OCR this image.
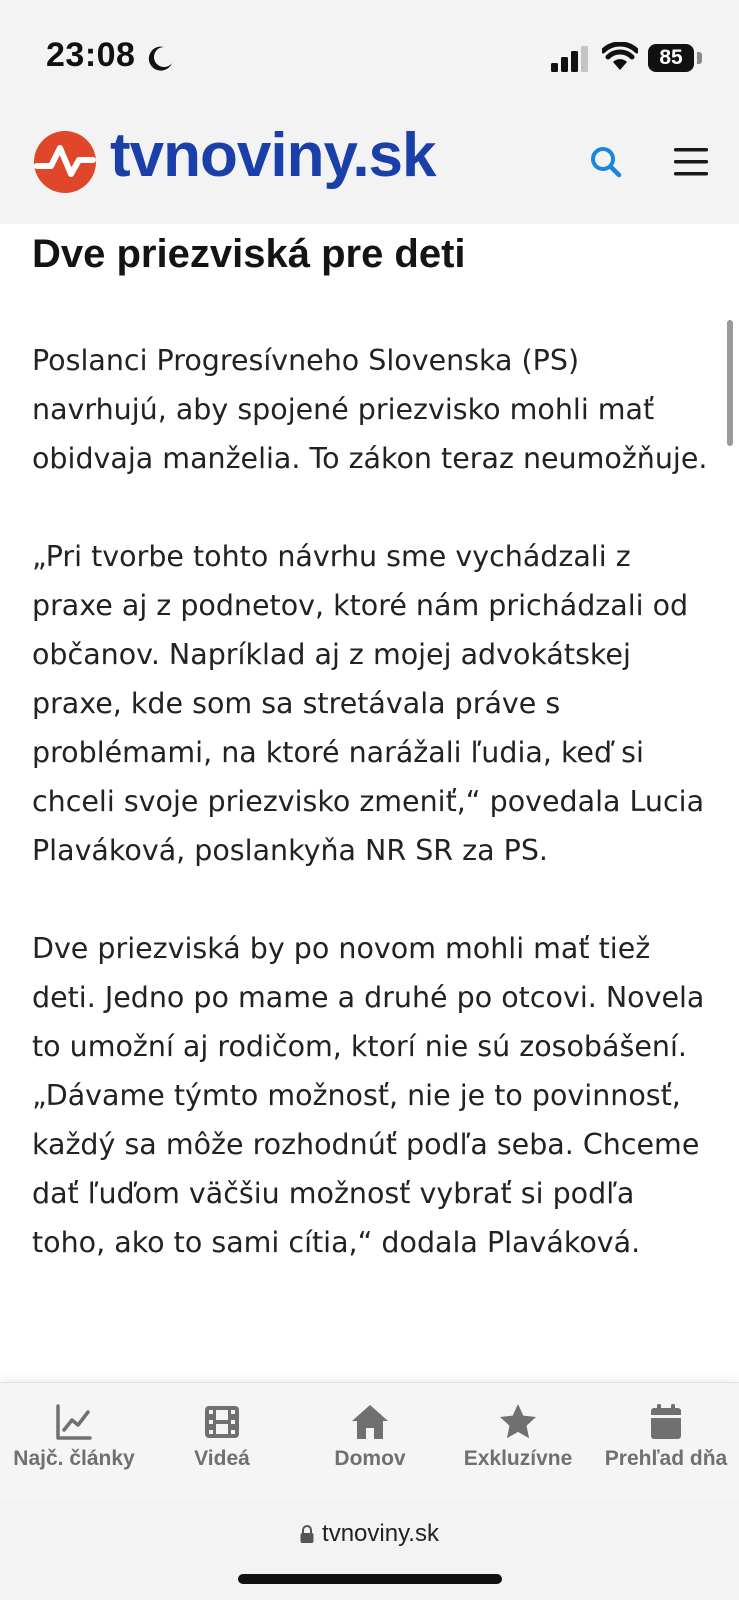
23:08	85
tvnoviny.sk
Dve priezviská pre deti

Poslanci Progresívneho Slovenska (PS) navrhujú, aby spojené priezvisko mohli mať obidvaja manželia. To zákon teraz neumožňuje.

„Pri tvorbe tohto návrhu sme vychádzali z praxe aj z podnetov, ktoré nám prichádzali od občanov. Napríklad aj z mojej advokátskej praxe, kde som sa stretávala práve s problémami, na ktoré narážali ľudia, keď si chceli svoje priezvisko zmeniť,“ povedala Lucia Plaváková, poslankyňa NR SR za PS.

Dve priezviská by po novom mohli mať tiež deti. Jedno po mame a druhé po otcovi. Novela to umožní aj rodičom, ktorí nie sú zosobášení. „Dávame týmto možnosť, nie je to povinnosť, každý sa môže rozhodnúť podľa seba. Chceme dať ľuďom väčšiu možnosť vybrať si podľa toho, ako to sami cítia,“ dodala Plaváková.

Najč. články	Videá	Domov	Exkluzívne	Prehľad dňa
tvnoviny.sk
